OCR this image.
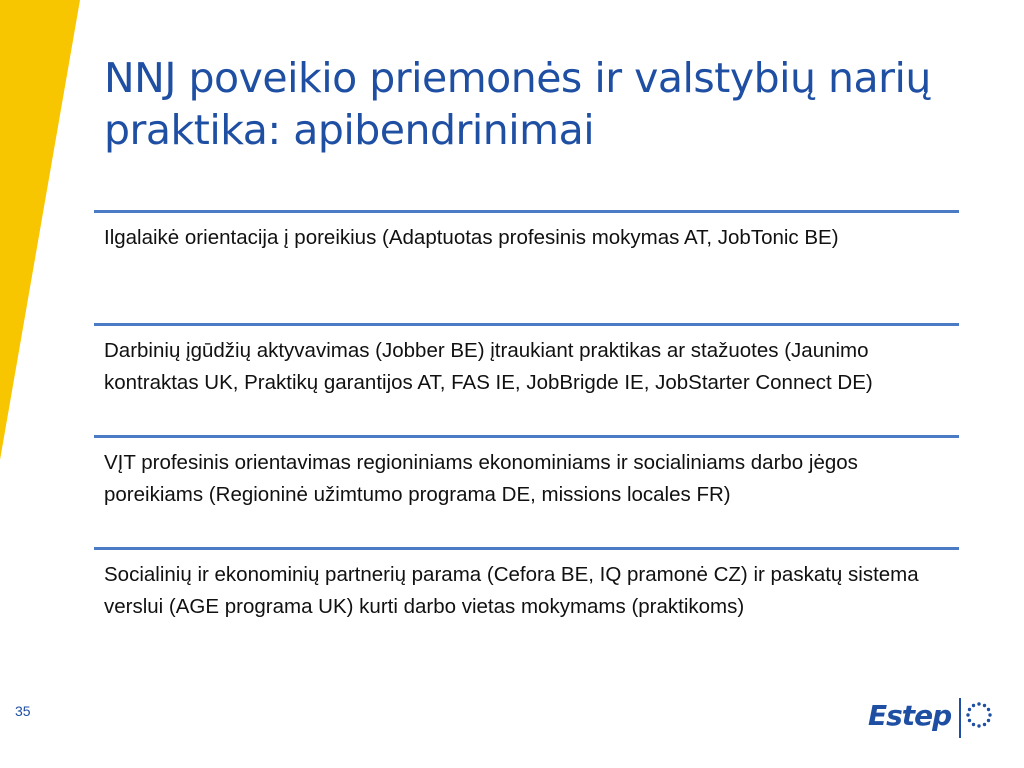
NNJ poveikio priemonės ir valstybių narių praktika: apibendrinimai
Ilgalaikė orientacija į poreikius (Adaptuotas profesinis mokymas AT, JobTonic BE)
Darbinių įgūdžių aktyvavimas (Jobber BE) įtraukiant praktikas ar stažuotes (Jaunimo kontraktas UK, Praktikų garantijos AT, FAS IE, JobBrigde IE, JobStarter Connect DE)
VĮT profesinis orientavimas regioniniams ekonominiams ir socialiniams darbo jėgos poreikiams (Regioninė užimtumo programa DE, missions locales FR)
Socialinių ir ekonominių partnerių parama (Cefora BE, IQ pramonė CZ) ir paskatų sistema verslui (AGE programa UK) kurti darbo vietas mokymams (praktikoms)
35	Estep
